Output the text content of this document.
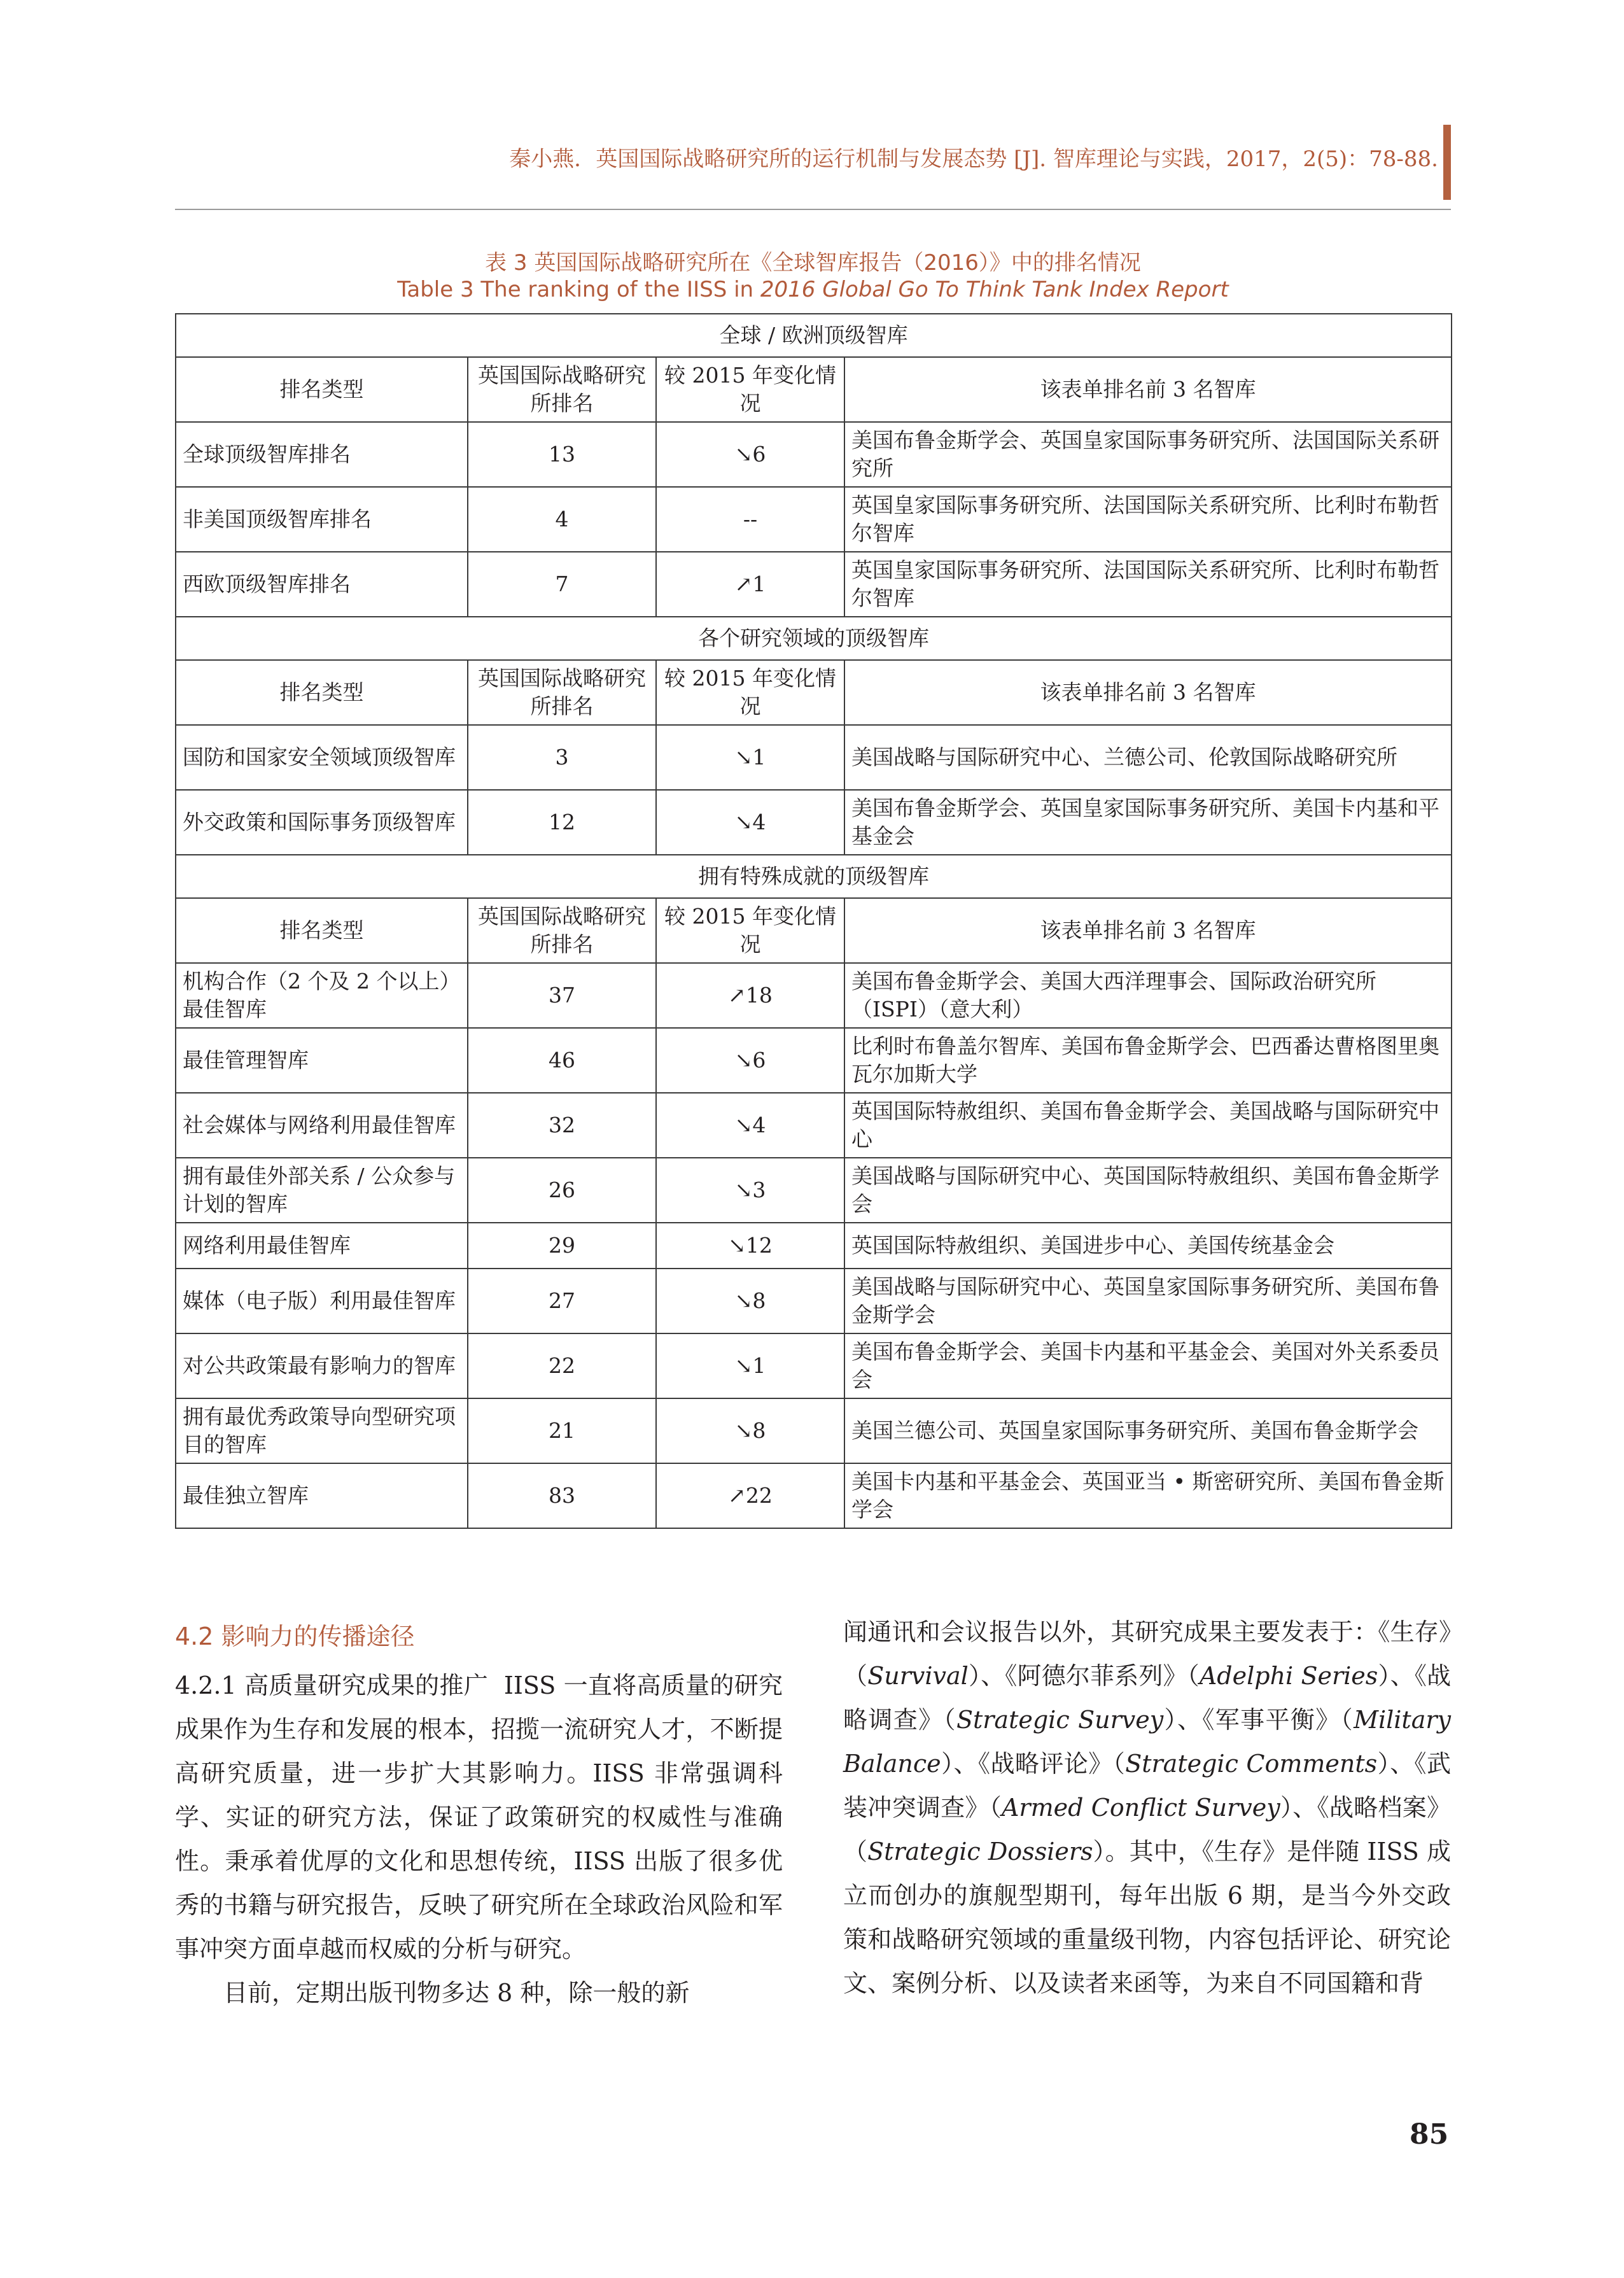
秦小燕．英国国际战略研究所的运行机制与发展态势 [J]. 智库理论与实践，2017，2(5)：78-88.
表 3 英国国际战略研究所在《全球智库报告（2016）》中的排名情况
Table 3 The ranking of the IISS in 2016 Global Go To Think Tank Index Report
全球 / 欧洲顶级智库			
排名类型	英国国际战略研究所排名	较 2015 年变化情况	该表单排名前 3 名智库
全球顶级智库排名	13	↘6	美国布鲁金斯学会、英国皇家国际事务研究所、法国国际关系研究所
非美国顶级智库排名	4	--	英国皇家国际事务研究所、法国国际关系研究所、比利时布勒哲尔智库
西欧顶级智库排名	7	↗1	英国皇家国际事务研究所、法国国际关系研究所、比利时布勒哲尔智库
各个研究领域的顶级智库			
排名类型	英国国际战略研究所排名	较 2015 年变化情况	该表单排名前 3 名智库
国防和国家安全领域顶级智库	3	↘1	美国战略与国际研究中心、兰德公司、伦敦国际战略研究所
外交政策和国际事务顶级智库	12	↘4	美国布鲁金斯学会、英国皇家国际事务研究所、美国卡内基和平基金会
拥有特殊成就的顶级智库			
排名类型	英国国际战略研究所排名	较 2015 年变化情况	该表单排名前 3 名智库
机构合作（2 个及 2 个以上）最佳智库	37	↗18	美国布鲁金斯学会、美国大西洋理事会、国际政治研究所（ISPI）（意大利）
最佳管理智库	46	↘6	比利时布鲁盖尔智库、美国布鲁金斯学会、巴西番达曹格图里奥瓦尔加斯大学
社会媒体与网络利用最佳智库	32	↘4	英国国际特赦组织、美国布鲁金斯学会、美国战略与国际研究中心
拥有最佳外部关系 / 公众参与计划的智库	26	↘3	美国战略与国际研究中心、英国国际特赦组织、美国布鲁金斯学会
网络利用最佳智库	29	↘12	英国国际特赦组织、美国进步中心、美国传统基金会
媒体（电子版）利用最佳智库	27	↘8	美国战略与国际研究中心、英国皇家国际事务研究所、美国布鲁金斯学会
对公共政策最有影响力的智库	22	↘1	美国布鲁金斯学会、美国卡内基和平基金会、美国对外关系委员会
拥有最优秀政策导向型研究项目的智库	21	↘8	美国兰德公司、英国皇家国际事务研究所、美国布鲁金斯学会
最佳独立智库	83	↗22	美国卡内基和平基金会、英国亚当 • 斯密研究所、美国布鲁金斯学会
4.2 影响力的传播途径

4.2.1 高质量研究成果的推广 IISS 一直将高质量的研究成果作为生存和发展的根本，招揽一流研究人才，不断提高研究质量，进一步扩大其影响力。IISS 非常强调科学、实证的研究方法，保证了政策研究的权威性与准确性。秉承着优厚的文化和思想传统，IISS 出版了很多优秀的书籍与研究报告，反映了研究所在全球政治风险和军事冲突方面卓越而权威的分析与研究。

目前，定期出版刊物多达 8 种，除一般的新

闻通讯和会议报告以外，其研究成果主要发表于：《生存》（Survival）、《阿德尔菲系列》（Adelphi Series）、《战略调查》（Strategic Survey）、《军事平衡》（Military Balance）、《战略评论》（Strategic Comments）、《武装冲突调查》（Armed Conflict Survey）、《战略档案》（Strategic Dossiers）。其中，《生存》是伴随 IISS 成立而创办的旗舰型期刊，每年出版 6 期，是当今外交政策和战略研究领域的重量级刊物，内容包括评论、研究论文、案例分析、以及读者来函等，为来自不同国籍和背

85
